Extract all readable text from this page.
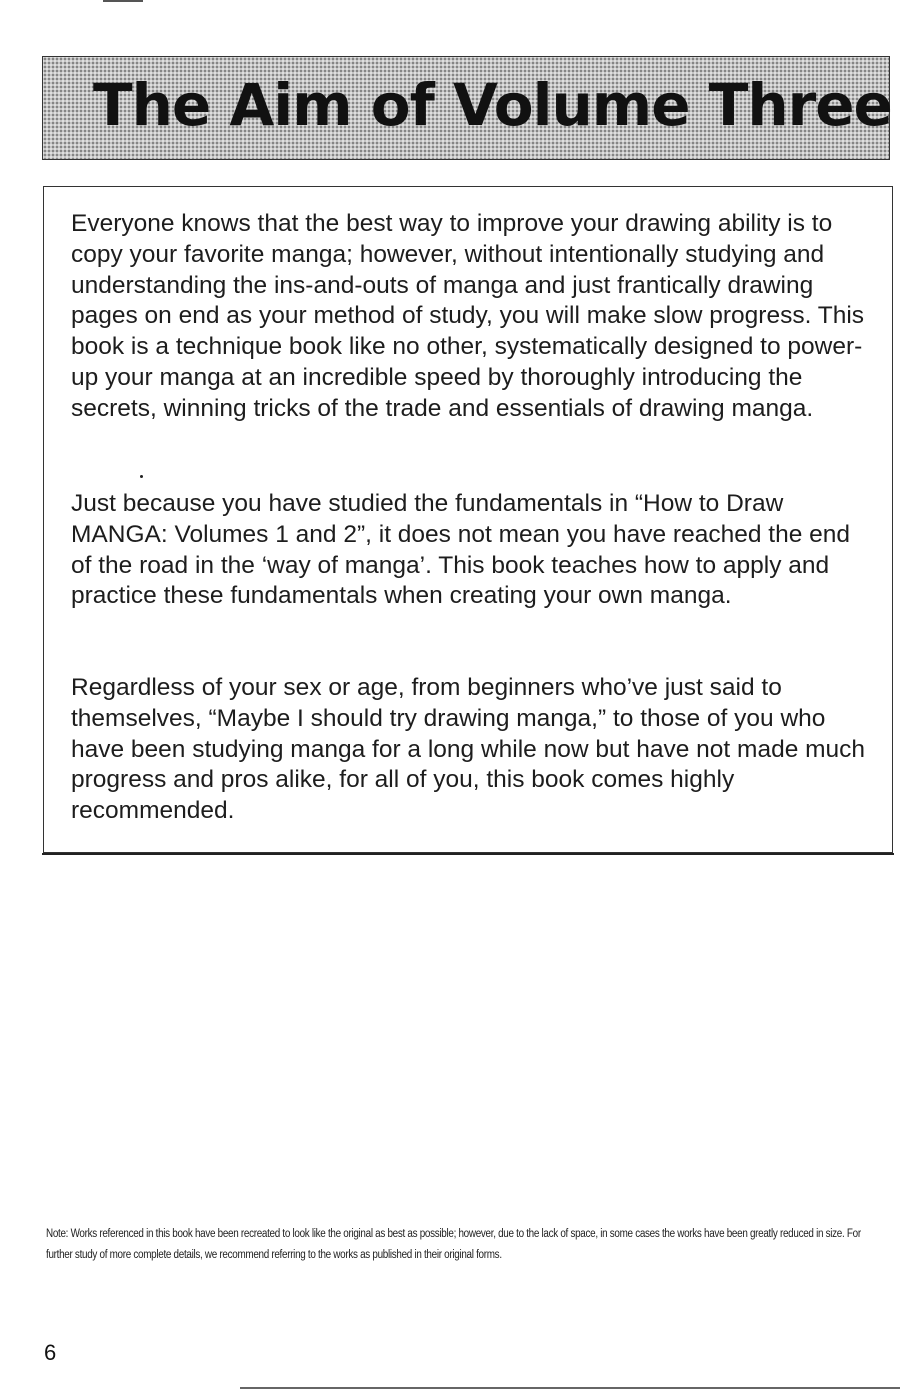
The Aim of Volume Three

Everyone knows that the best way to improve your drawing ability is to copy your favorite manga; however, without intentionally studying and understanding the ins-and-outs of manga and just frantically drawing pages on end as your method of study, you will make slow progress. This book is a technique book like no other, systematically designed to power-up your manga at an incredible speed by thoroughly introducing the secrets, winning tricks of the trade and essentials of drawing manga.

Just because you have studied the fundamentals in “How to Draw MANGA: Volumes 1 and 2”, it does not mean you have reached the end of the road in the ‘way of manga’. This book teaches how to apply and practice these fundamentals when creating your own manga.

Regardless of your sex or age, from beginners who’ve just said to themselves, “Maybe I should try drawing manga,” to those of you who have been studying manga for a long while now but have not made much progress and pros alike, for all of you, this book comes highly recommended.

Note: Works referenced in this book have been recreated to look like the original as best as possible; however, due to the lack of space, in some cases the works have been greatly reduced in size. For further study of more complete details, we recommend referring to the works as published in their original forms.

6
